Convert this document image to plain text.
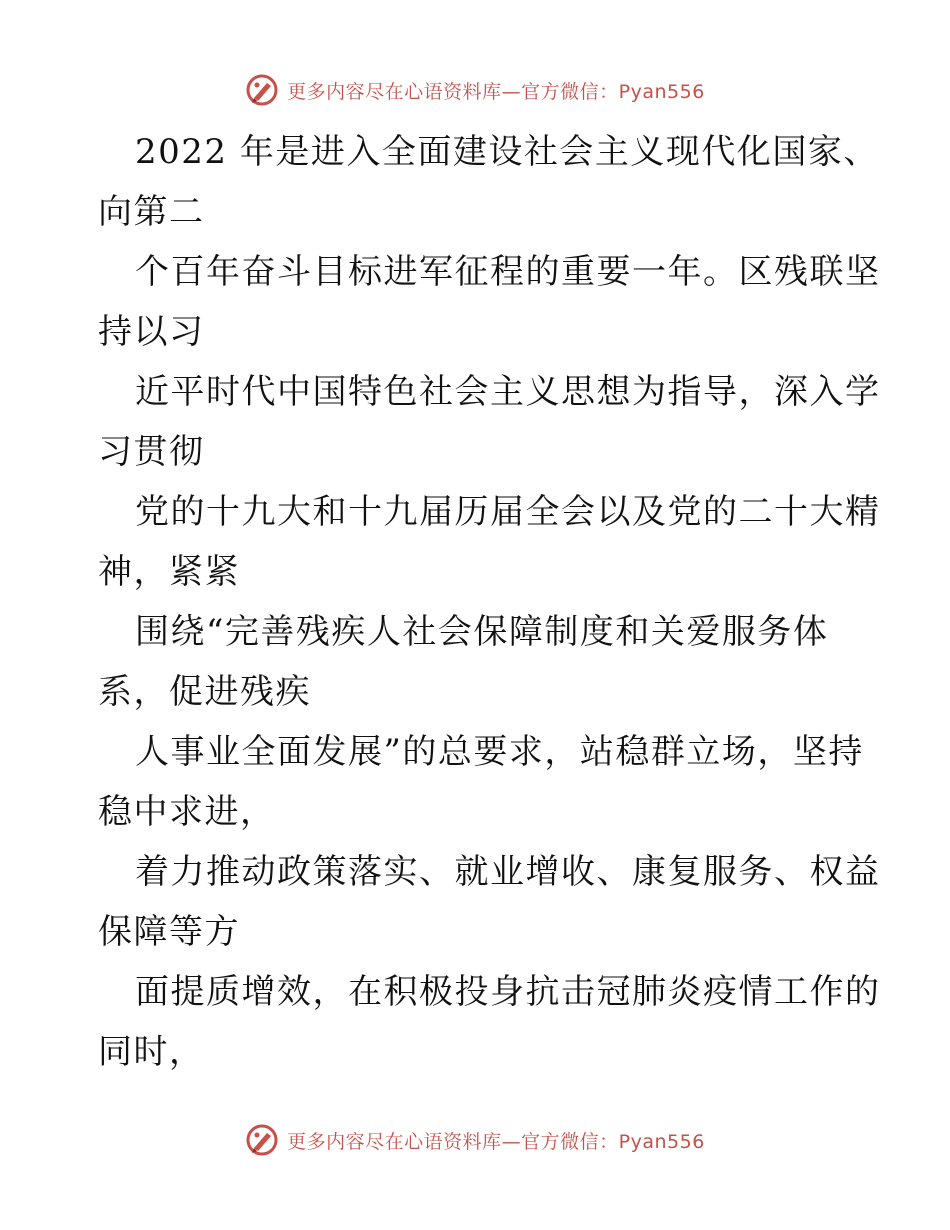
更多内容尽在心语资料库—官方微信：Pyan556

2022 年是进入全面建设社会主义现代化国家、
向第二

个百年奋斗目标进军征程的重要一年。区残联坚
持以习

近平时代中国特色社会主义思想为指导，深入学
习贯彻

党的十九大和十九届历届全会以及党的二十大精
神，紧紧

围绕“完善残疾人社会保障制度和关爱服务体
系，促进残疾

人事业全面发展”的总要求，站稳群立场，坚持
稳中求进，

着力推动政策落实、就业增收、康复服务、权益
保障等方

面提质增效，在积极投身抗击冠肺炎疫情工作的
同时，

更多内容尽在心语资料库—官方微信：Pyan556
